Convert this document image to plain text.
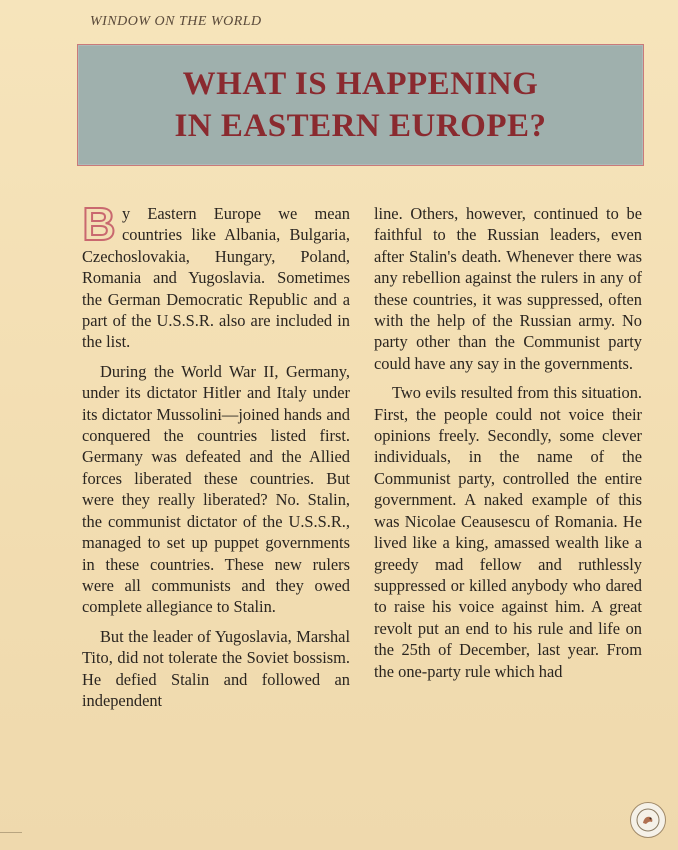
WINDOW ON THE WORLD
WHAT IS HAPPENING
IN EASTERN EUROPE?

By Eastern Europe we mean countries like Albania, Bulgaria, Czechoslovakia, Hungary, Poland, Romania and Yugoslavia. Sometimes the German Democratic Republic and a part of the U.S.S.R. also are included in the list.

During the World War II, Germany, under its dictator Hitler and Italy under its dictator Mussolini—joined hands and conquered the countries listed first. Germany was defeated and the Allied forces liberated these countries. But were they really liberated? No. Stalin, the communist dictator of the U.S.S.R., managed to set up puppet governments in these countries. These new rulers were all communists and they owed complete allegiance to Stalin.

But the leader of Yugoslavia, Marshal Tito, did not tolerate the Soviet bossism. He defied Stalin and followed an independent

line. Others, however, continued to be faithful to the Russian leaders, even after Stalin's death. Whenever there was any rebellion against the rulers in any of these countries, it was suppressed, often with the help of the Russian army. No party other than the Communist party could have any say in the governments.

Two evils resulted from this situation. First, the people could not voice their opinions freely. Secondly, some clever individuals, in the name of the Communist party, controlled the entire government. A naked example of this was Nicolae Ceausescu of Romania. He lived like a king, amassed wealth like a greedy mad fellow and ruthlessly suppressed or killed anybody who dared to raise his voice against him. A great revolt put an end to his rule and life on the 25th of December, last year. From the one-party rule which had
